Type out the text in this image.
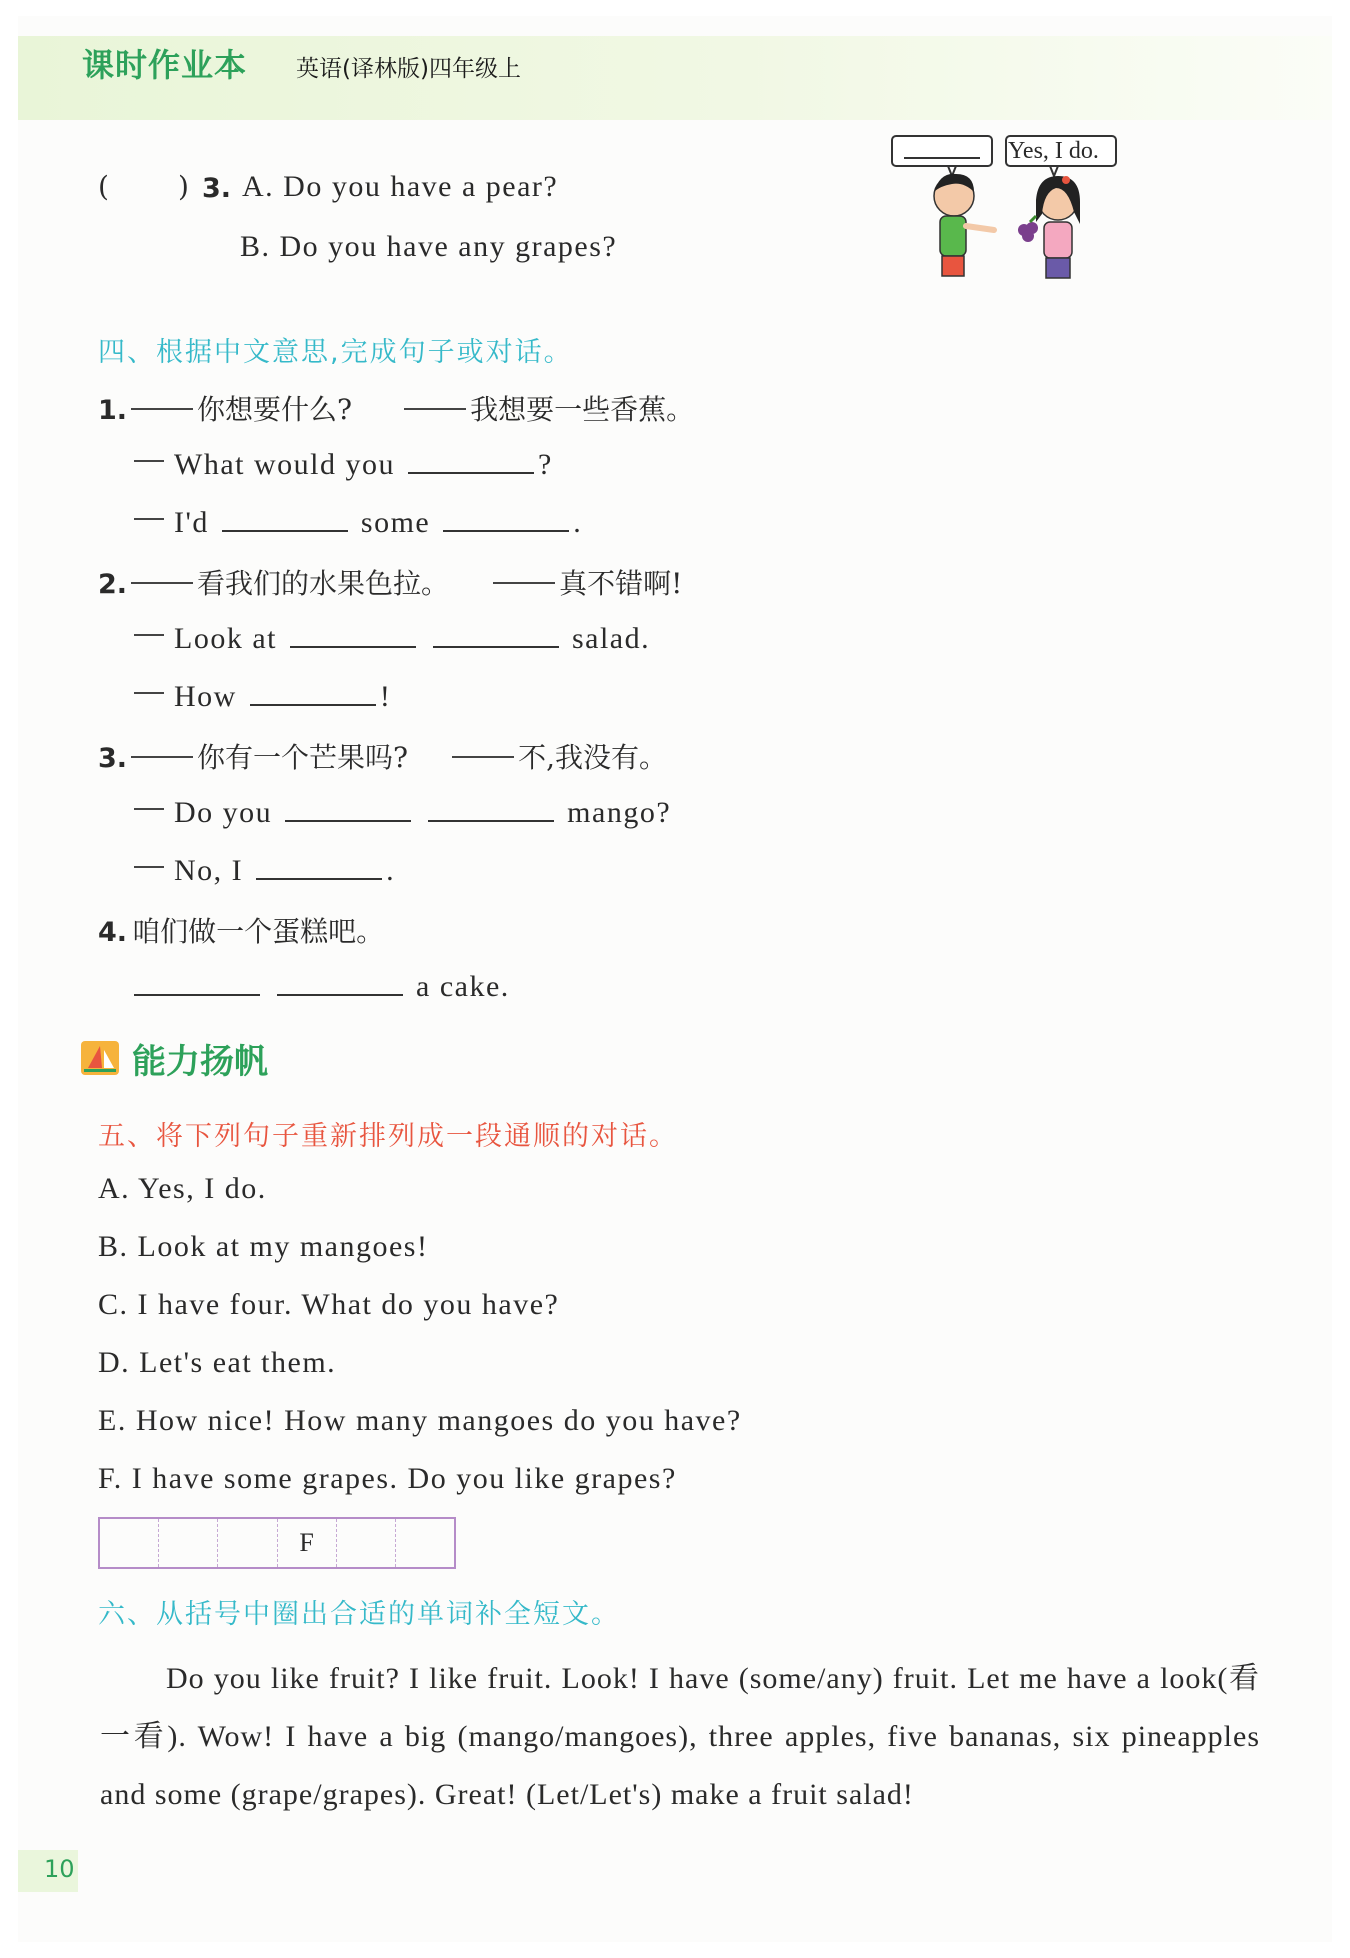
课时作业本 英语(译林版)四年级上
( ) 3. A. Do you have a pear?
B. Do you have any grapes?
Yes, I do.
四、根据中文意思,完成句子或对话。
1.	你想要什么?	我想要一些香蕉。
What would you	?
I'd	some	.
2.	看我们的水果色拉。	真不错啊!
Look at	salad.
How	!
3.	你有一个芒果吗?	不,我没有。
Do you	mango?
No, I	.
4. 咱们做一个蛋糕吧。
a cake.
能力扬帆
五、将下列句子重新排列成一段通顺的对话。
A. Yes, I do.
B. Look at my mangoes!
C. I have four. What do you have?
D. Let's eat them.
E. How nice! How many mangoes do you have?
F. I have some grapes. Do you like grapes?
F
六、从括号中圈出合适的单词补全短文。
Do you like fruit? I like fruit. Look! I have (some/any) fruit. Let me have a look(看一看). Wow! I have a big (mango/mangoes), three apples, five bananas, six pineapples and some (grape/grapes). Great! (Let/Let's) make a fruit salad!
10
